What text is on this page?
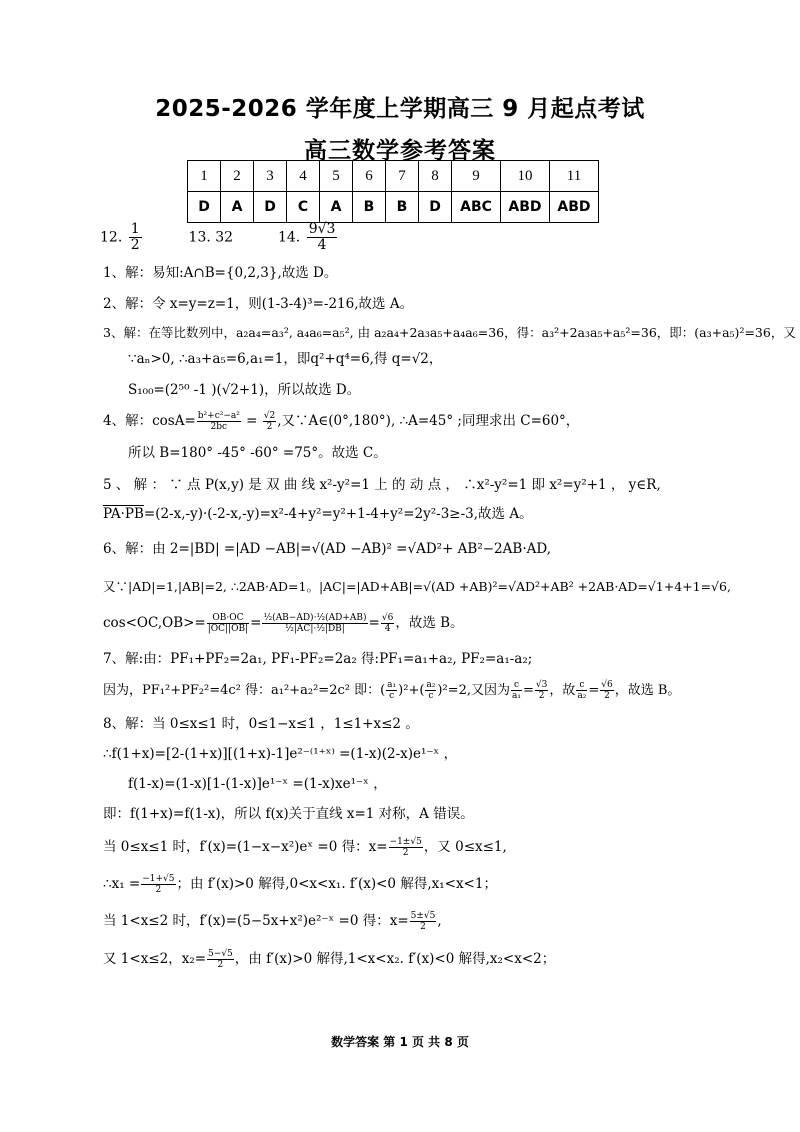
2025-2026 学年度上学期高三 9 月起点考试
高三数学参考答案
1	2	3	4	5	6	7	8	9	10	11
D	A	D	C	A	B	B	D	ABC	ABD	ABD
12. $\frac{1}{2}$	13. 32	14. $\frac{9√3}{4}$
1、解：易知:A∩B={0,2,3},故选 D。
2、解：令 x=y=z=1，则(1-3-4)³=-216,故选 A。
3、解：在等比数列中，a₂a₄=a₃², a₄a₆=a₅², 由 a₂a₄+2a₃a₅+a₄a₆=36，得：a₃²+2a₃a₅+a₅²=36，即：(a₃+a₅)²=36，又
∵aₙ>0, ∴a₃+a₅=6,a₁=1，即q²+q⁴=6,得 q=√2，
S₁₀₀=(2⁵⁰ -1 )(√2+1)，所以故选 D。
4、解：$\cos A= \frac{\text{b²+c²−a²}}{2bc} = \frac{√2}{2}$ ,又∵A∈(0°,180°), ∴A=45° ;同理求出 C=60°，
所以 B=180° -45° -60° =75°。故选 C。
5 、 解 ： ∵ 点 P(x,y) 是 双 曲 线 x²-y²=1 上 的 动 点 ， ∴x²-y²=1 即 x²=y²+1 ， y∈R,
PA·PB=(2-x,-y)·(-2-x,-y)=x²-4+y²=y²+1-4+y²=2y²-3≥-3,故选 A。
6、解：由 2=|BD| =|AD −AB|=√(AD −AB)² =√AD²+ AB²−2AB·AD,
又∵|AD|=1,|AB|=2, ∴2AB·AD=1。|AC|=|AD+AB|=√(AD +AB)²=√AD²+AB² +2AB·AD=√1+4+1=√6,
$\cos<OC,OB>= \frac{OB\cdot OC}{|OC||OB|} = \frac{\text{½(AB−AD)·½(AD+AB)}}{\text{½|AC|·½|DB|}} = \frac{√6}{4}$ ，故选 B。
7、解:由：PF₁+PF₂=2a₁, PF₁-PF₂=2a₂ 得:PF₁=a₁+a₂, PF₂=a₁-a₂;
因为，PF₁²+PF₂²=4c² 得：a₁²+a₂²=2c² 即：( $\frac{\text{a₁}}{c} )^2+( \frac{\text{a₂}}{c} )^2=2$,又因为 $\frac{c}{\text{a₁}} = \frac{√3}{2}$ ，故 $\frac{c}{\text{a₂}} = \frac{√6}{2}$ ，故选 B。
8、解：当 0≤x≤1 时，0≤1−x≤1 ，1≤1+x≤2 。
∴f(1+x)=[2-(1+x)][(1+x)-1]e²⁻⁽¹⁺ˣ⁾ =(1-x)(2-x)e¹⁻ˣ ，
f(1-x)=(1-x)[1-(1-x)]e¹⁻ˣ =(1-x)xe¹⁻ˣ ，
即：f(1+x)=f(1-x)，所以 f(x)关于直线 x=1 对称，A 错误。
当 0≤x≤1 时，f′(x)=(1−x−x²)eˣ =0 得：$x= \frac{-1\pm√5}{2}$ ，又 0≤x≤1,
∴x₁ = $\frac{-1+√5}{2}$ ；由 f′(x)>0 解得,0<x<x₁. f′(x)<0 解得,x₁<x<1；
当 1<x≤2 时，f′(x)=(5−5x+x²)e²⁻ˣ =0 得：$x= \frac{5\pm√5}{2}$ ,
又 1<x≤2，$x_2= \frac{5-√5}{2}$ ，由 f′(x)>0 解得,1<x<x₂. f′(x)<0 解得,x₂<x<2；
数学答案 第 1 页 共 8 页
